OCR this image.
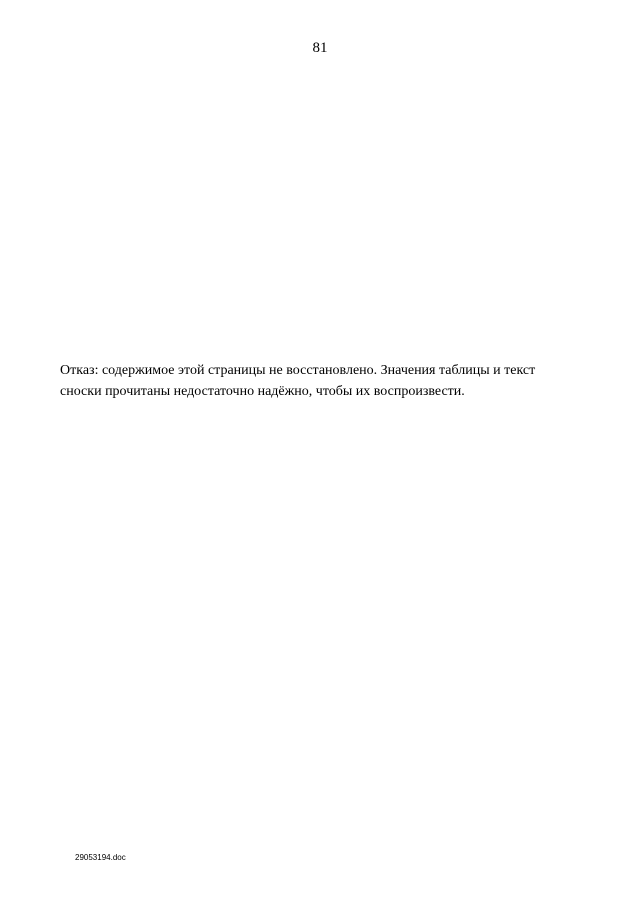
81
Отказ: содержимое этой страницы не восстановлено. Значения таблицы и текст сноски прочитаны недостаточно надёжно, чтобы их воспроизвести.
29053194.doc
